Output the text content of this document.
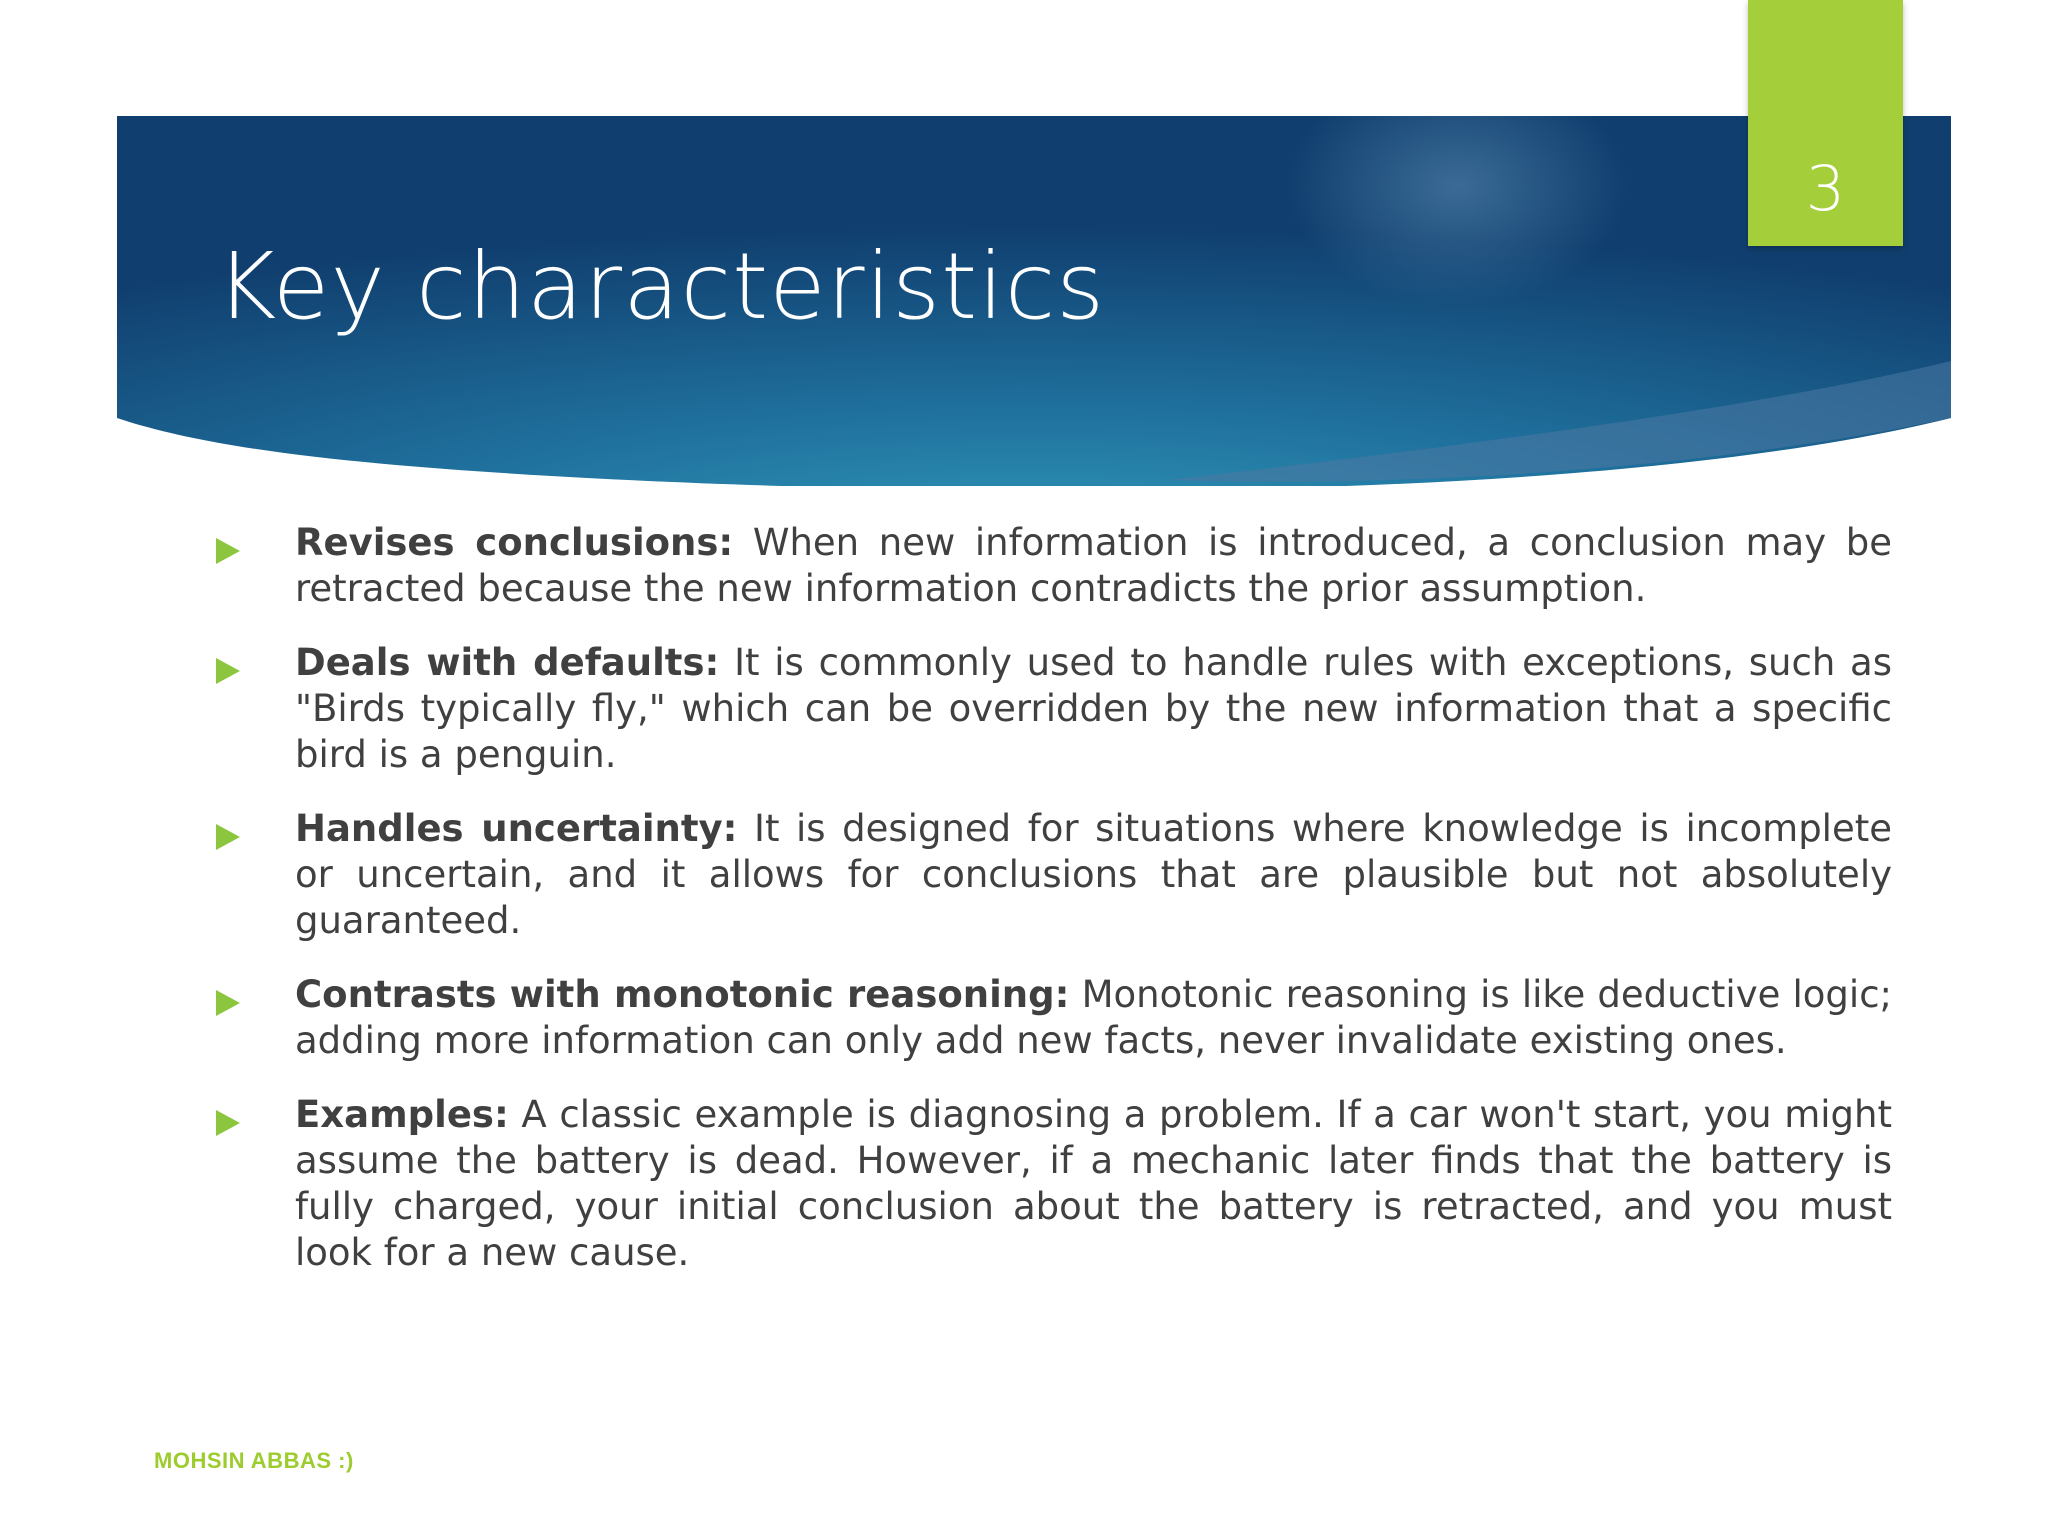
Key characteristics
3

Revises conclusions: When new information is introduced, a conclusion may be retracted because the new information contradicts the prior assumption.

Deals with defaults: It is commonly used to handle rules with exceptions, such as "Birds typically fly," which can be overridden by the new information that a specific bird is a penguin.

Handles uncertainty: It is designed for situations where knowledge is incomplete or uncertain, and it allows for conclusions that are plausible but not absolutely guaranteed.

Contrasts with monotonic reasoning: Monotonic reasoning is like deductive logic; adding more information can only add new facts, never invalidate existing ones.

Examples: A classic example is diagnosing a problem. If a car won't start, you might assume the battery is dead. However, if a mechanic later finds that the battery is fully charged, your initial conclusion about the battery is retracted, and you must look for a new cause.

MOHSIN ABBAS :)
